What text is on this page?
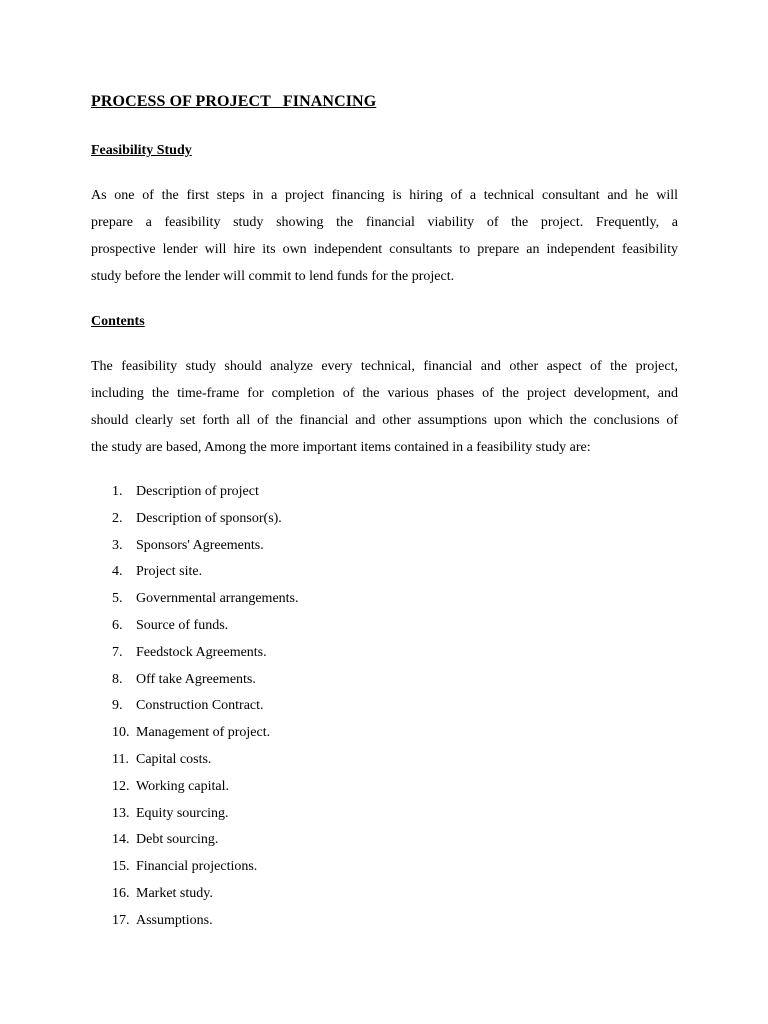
PROCESS OF PROJECT   FINANCING
Feasibility Study
As one of the first steps in a project financing is hiring of a technical consultant and he will
prepare a feasibility study showing the financial viability of the project. Frequently, a
prospective lender will hire its own independent consultants to prepare an independent feasibility
study before the lender will commit to lend funds for the project.
Contents
The feasibility study should analyze every technical, financial and other aspect of the project,
including the time-frame for completion of the various phases of the project development, and
should clearly set forth all of the financial and other assumptions upon which the conclusions of
the study are based, Among the more important items contained in a feasibility study are:
1. Description of project
2. Description of sponsor(s).
3. Sponsors' Agreements.
4. Project site.
5. Governmental arrangements.
6. Source of funds.
7. Feedstock Agreements.
8. Off take Agreements.
9. Construction Contract.
10. Management of project.
11. Capital costs.
12. Working capital.
13. Equity sourcing.
14. Debt sourcing.
15. Financial projections.
16. Market study.
17. Assumptions.
